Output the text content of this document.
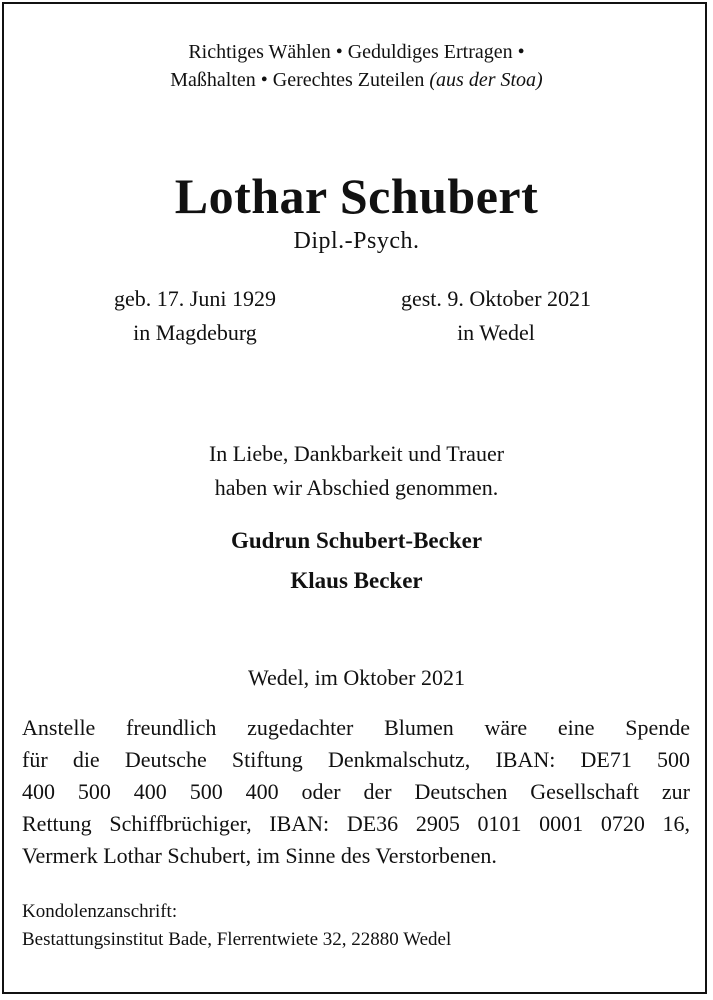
Richtiges Wählen • Geduldiges Ertragen •
Maßhalten • Gerechtes Zuteilen (aus der Stoa)
Lothar Schubert
Dipl.-Psych.
geb. 17. Juni 1929
in Magdeburg
gest. 9. Oktober 2021
in Wedel
In Liebe, Dankbarkeit und Trauer
haben wir Abschied genommen.
Gudrun Schubert-Becker
Klaus Becker
Wedel, im Oktober 2021
Anstelle freundlich zugedachter Blumen wäre eine Spende
für die Deutsche Stiftung Denkmalschutz, IBAN: DE71 500
400 500 400 500 400 oder der Deutschen Gesellschaft zur
Rettung Schiffbrüchiger, IBAN: DE36 2905 0101 0001 0720 16,
Vermerk Lothar Schubert, im Sinne des Verstorbenen.
Kondolenzanschrift:
Bestattungsinstitut Bade, Flerrentwiete 32, 22880 Wedel
